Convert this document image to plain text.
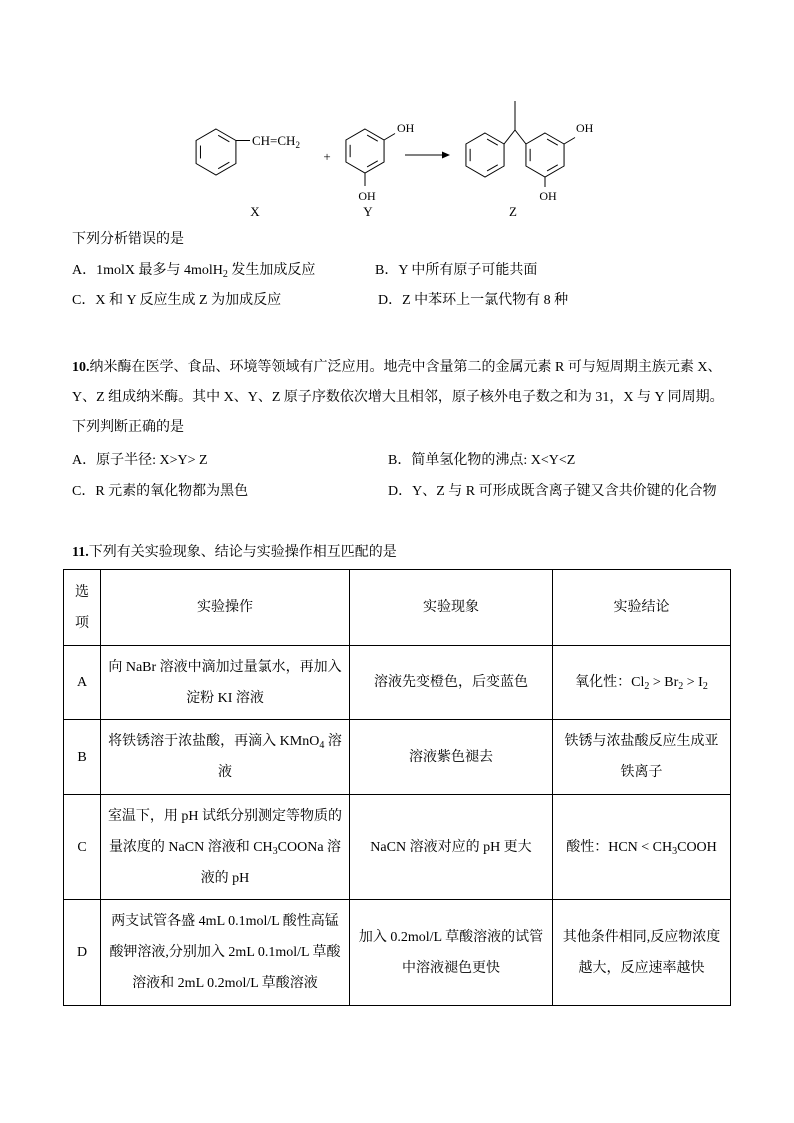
$CH=CH_2$
+
OH
OH
OH
OH
X	Y	Z
下列分析错误的是
A．1molX 最多与 4molH$_2$ 发生加成反应	B．Y 中所有原子可能共面
C．X 和 Y 反应生成 Z 为加成反应	D．Z 中苯环上一氯代物有 8 种
10.纳米酶在医学、食品、环境等领域有广泛应用。地壳中含量第二的金属元素 R 可与短周期主族元素 X、
Y、Z 组成纳米酶。其中 X、Y、Z 原子序数依次增大且相邻，原子核外电子数之和为 31，X 与 Y 同周期。
下列判断正确的是
A．原子半径: X>Y> Z	B．简单氢化物的沸点: X<Y<Z
C．R 元素的氧化物都为黑色	D．Y、Z 与 R 可形成既含离子键又含共价键的化合物
11.下列有关实验现象、结论与实验操作相互匹配的是
选
项	实验操作	实验现象	实验结论
A	向 NaBr 溶液中滴加过量氯水，再加入
淀粉 KI 溶液	溶液先变橙色，后变蓝色	氧化性：$Cl_2 > Br_2 > I_2$

B	将铁锈溶于浓盐酸，再滴入 KMnO$_4$ 溶
液	溶液紫色褪去	铁锈与浓盐酸反应生成亚
铁离子

C	室温下，用 pH 试纸分别测定等物质的
量浓度的 NaCN 溶液和 $CH_3COONa$ 溶
液的 pH	NaCN 溶液对应的 pH 更大	酸性：HCN < $CH_3COOH$

D	两支试管各盛 4mL 0.1mol/L 酸性高锰
酸钾溶液,分别加入 2mL 0.1mol/L 草酸
溶液和 2mL 0.2mol/L 草酸溶液	加入 0.2mol/L 草酸溶液的试管
中溶液褪色更快	其他条件相同,反应物浓度
越大，反应速率越快
